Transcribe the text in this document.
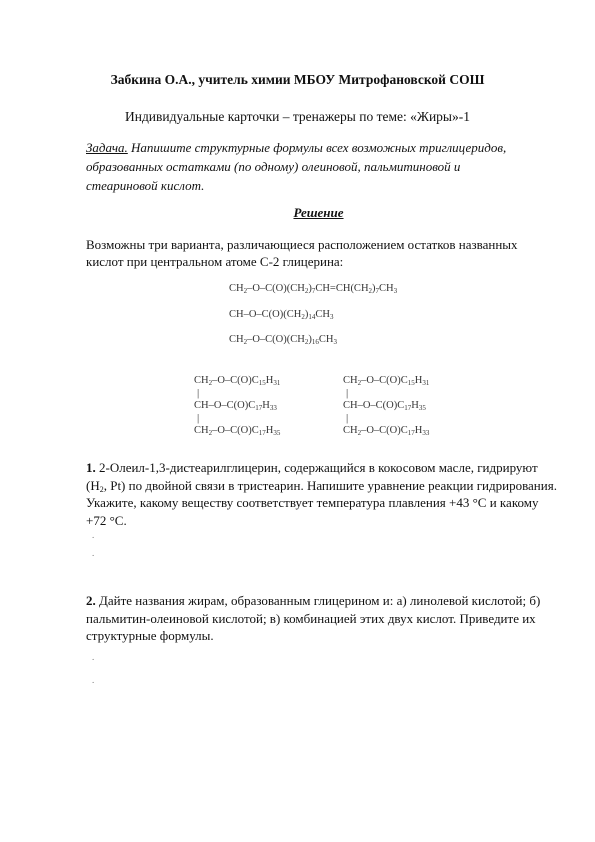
Забкина О.А., учитель химии МБОУ Митрофановской СОШ
Индивидуальные карточки – тренажеры по теме: «Жиры»-1
Задача. Напишите структурные формулы всех возможных триглицеридов, образованных остатками (по одному) олеиновой, пальмитиновой и стеариновой кислот.
Решение
Возможны три варианта, различающиеся расположением остатков названных кислот при центральном атоме С-2 глицерина:
$CH_2-O-C(O)(CH_2)_7CH=CH(CH_2)_7CH_3$
$CH-O-C(O)(CH_2)_{14}CH_3$
$CH_2-O-C(O)(CH_2)_{16}CH_3$
$CH_2-O-C(O)C_{15}H_{31}$
|
$CH-O-C(O)C_{17}H_{33}$
|
$CH_2-O-C(O)C_{17}H_{35}$
$CH_2-O-C(O)C_{15}H_{31}$
|
$CH-O-C(O)C_{17}H_{35}$
|
$CH_2-O-C(O)C_{17}H_{33}$
1. 2-Олеил-1,3-дистеарилглицерин, содержащийся в кокосовом масле, гидрируют ($H_2$, Pt) по двойной связи в тристеарин. Напишите уравнение реакции гидрирования. Укажите, какому веществу соответствует температура плавления +43 °С и какому +72 °С.
.
.
2. Дайте названия жирам, образованным глицерином и: а) линолевой кислотой; б) пальмитин-олеиновой кислотой; в) комбинацией этих двух кислот. Приведите их структурные формулы.
.
.
